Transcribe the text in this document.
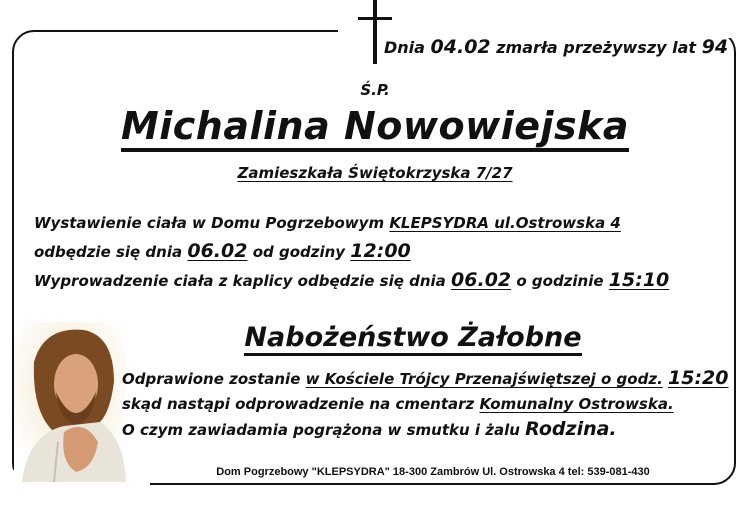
Dnia 04.02 zmarła przeżywszy lat 94
Ś.P.
Michalina Nowowiejska
Zamieszkała Świętokrzyska 7/27
Wystawienie ciała w Domu Pogrzebowym KLEPSYDRA ul.Ostrowska 4
odbędzie się dnia 06.02 od godziny 12:00
Wyprowadzenie ciała z kaplicy odbędzie się dnia 06.02 o godzinie 15:10
Nabożeństwo Żałobne
Odprawione zostanie w Kościele Trójcy Przenajświętszej o godz. 15:20
skąd nastąpi odprowadzenie na cmentarz Komunalny Ostrowska.
O czym zawiadamia pogrążona w smutku i żalu Rodzina.
Dom Pogrzebowy "KLEPSYDRA" 18-300 Zambrów Ul. Ostrowska 4 tel: 539-081-430
